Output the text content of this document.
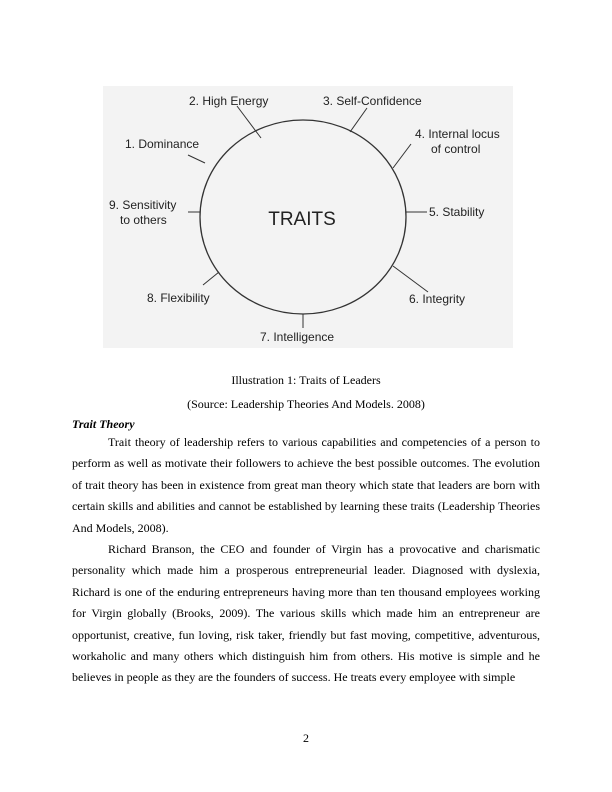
TRAITS
1. Dominance
2. High Energy	3. Self-Confidence
4. Internal locus
of control
5. Stability
6. Integrity
7. Intelligence
8. Flexibility
9. Sensitivity
to others
Illustration 1: Traits of Leaders
(Source: Leadership Theories And Models. 2008)
Trait Theory

Trait theory of leadership refers to various capabilities and competencies of a person to perform as well as motivate their followers to achieve the best possible outcomes. The evolution of trait theory has been in existence from great man theory which state that leaders are born with certain skills and abilities and cannot be established by learning these traits (Leadership Theories And Models, 2008).

Richard Branson, the CEO and founder of Virgin has a provocative and charismatic personality which made him a prosperous entrepreneurial leader. Diagnosed with dyslexia, Richard is one of the enduring entrepreneurs having more than ten thousand employees working for Virgin globally (Brooks, 2009). The various skills which made him an entrepreneur are opportunist, creative, fun loving, risk taker, friendly but fast moving, competitive, adventurous, workaholic and many others which distinguish him from others. His motive is simple and he believes in people as they are the founders of success. He treats every employee with simple

2
